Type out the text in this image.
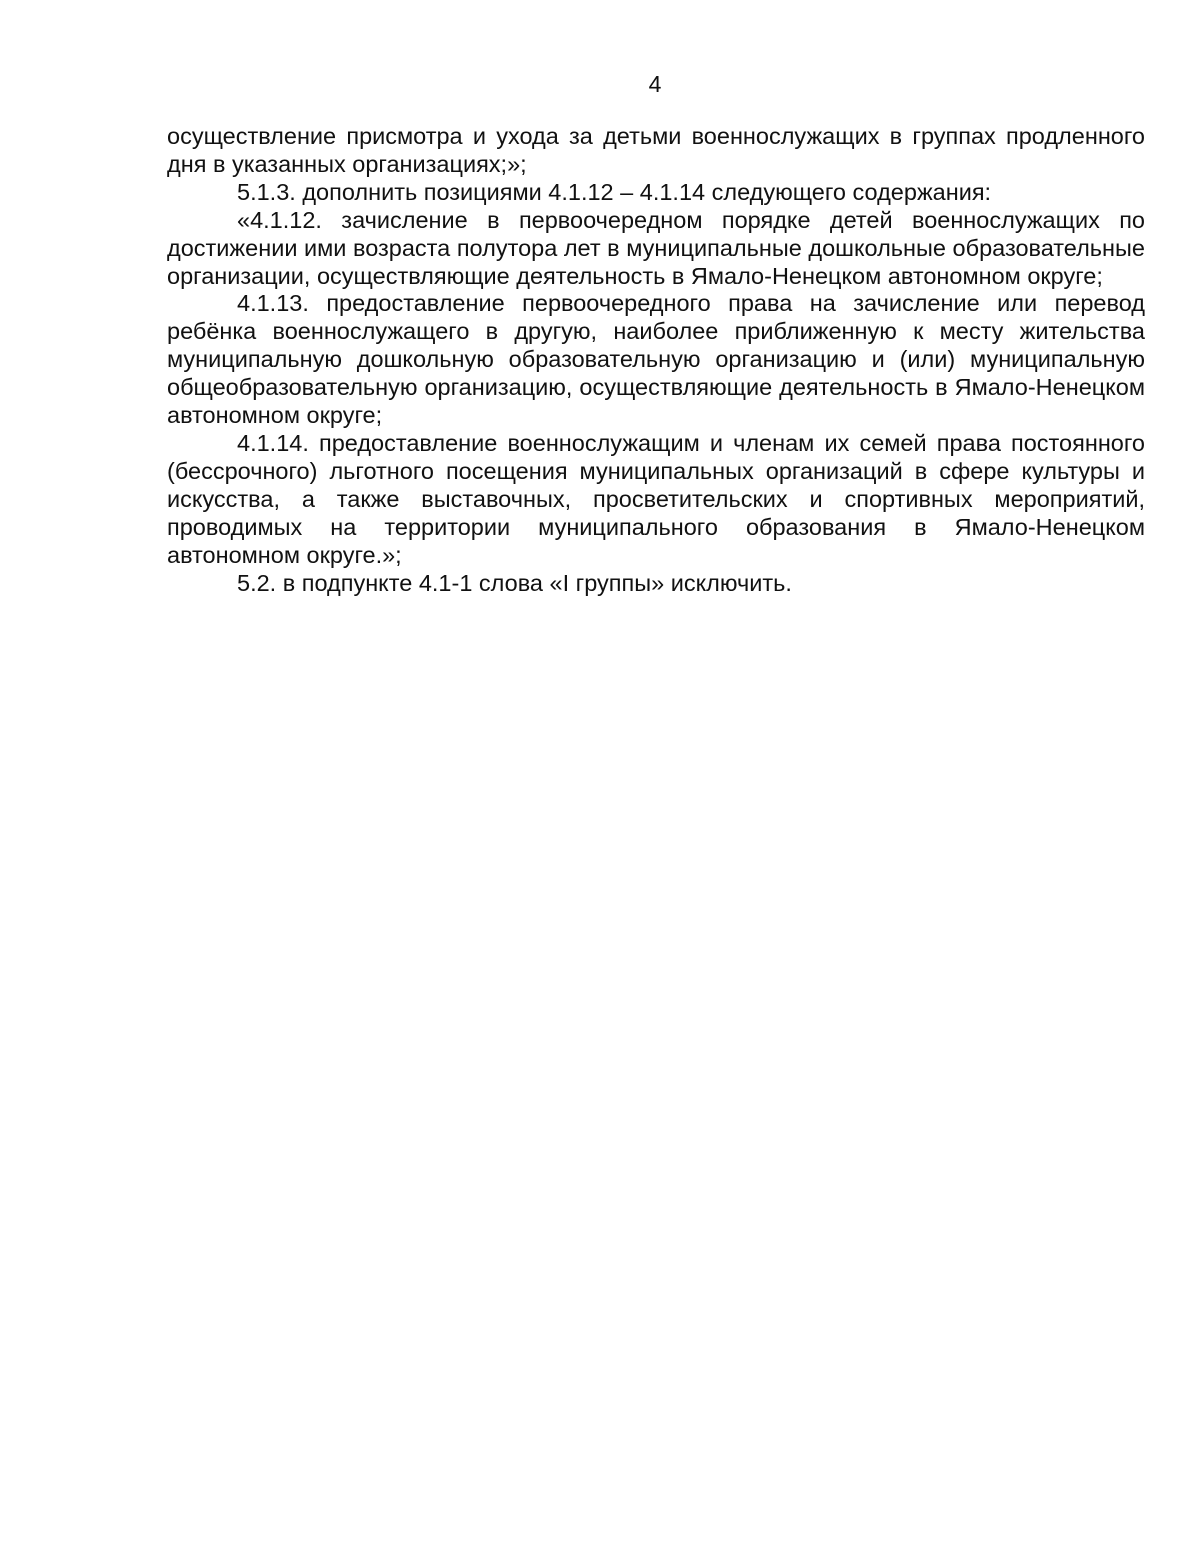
4

осуществление присмотра и ухода за детьми военнослужащих в группах продленного дня в указанных организациях;»;

5.1.3. дополнить позициями 4.1.12 – 4.1.14 следующего содержания:

«4.1.12. зачисление в первоочередном порядке детей военнослужащих по достижении ими возраста полутора лет в муниципальные дошкольные образовательные организации, осуществляющие деятельность в Ямало-Ненецком автономном округе;

4.1.13. предоставление первоочередного права на зачисление или перевод ребёнка военнослужащего в другую, наиболее приближенную к месту жительства муниципальную дошкольную образовательную организацию и (или) муниципальную общеобразовательную организацию, осуществляющие деятельность в Ямало-Ненецком автономном округе;

4.1.14. предоставление военнослужащим и членам их семей права постоянного (бессрочного) льготного посещения муниципальных организаций в сфере культуры и искусства, а также выставочных, просветительских и спортивных мероприятий, проводимых на территории муниципального образования в Ямало-Ненецком автономном округе.»;

5.2. в подпункте 4.1-1 слова «I группы» исключить.
